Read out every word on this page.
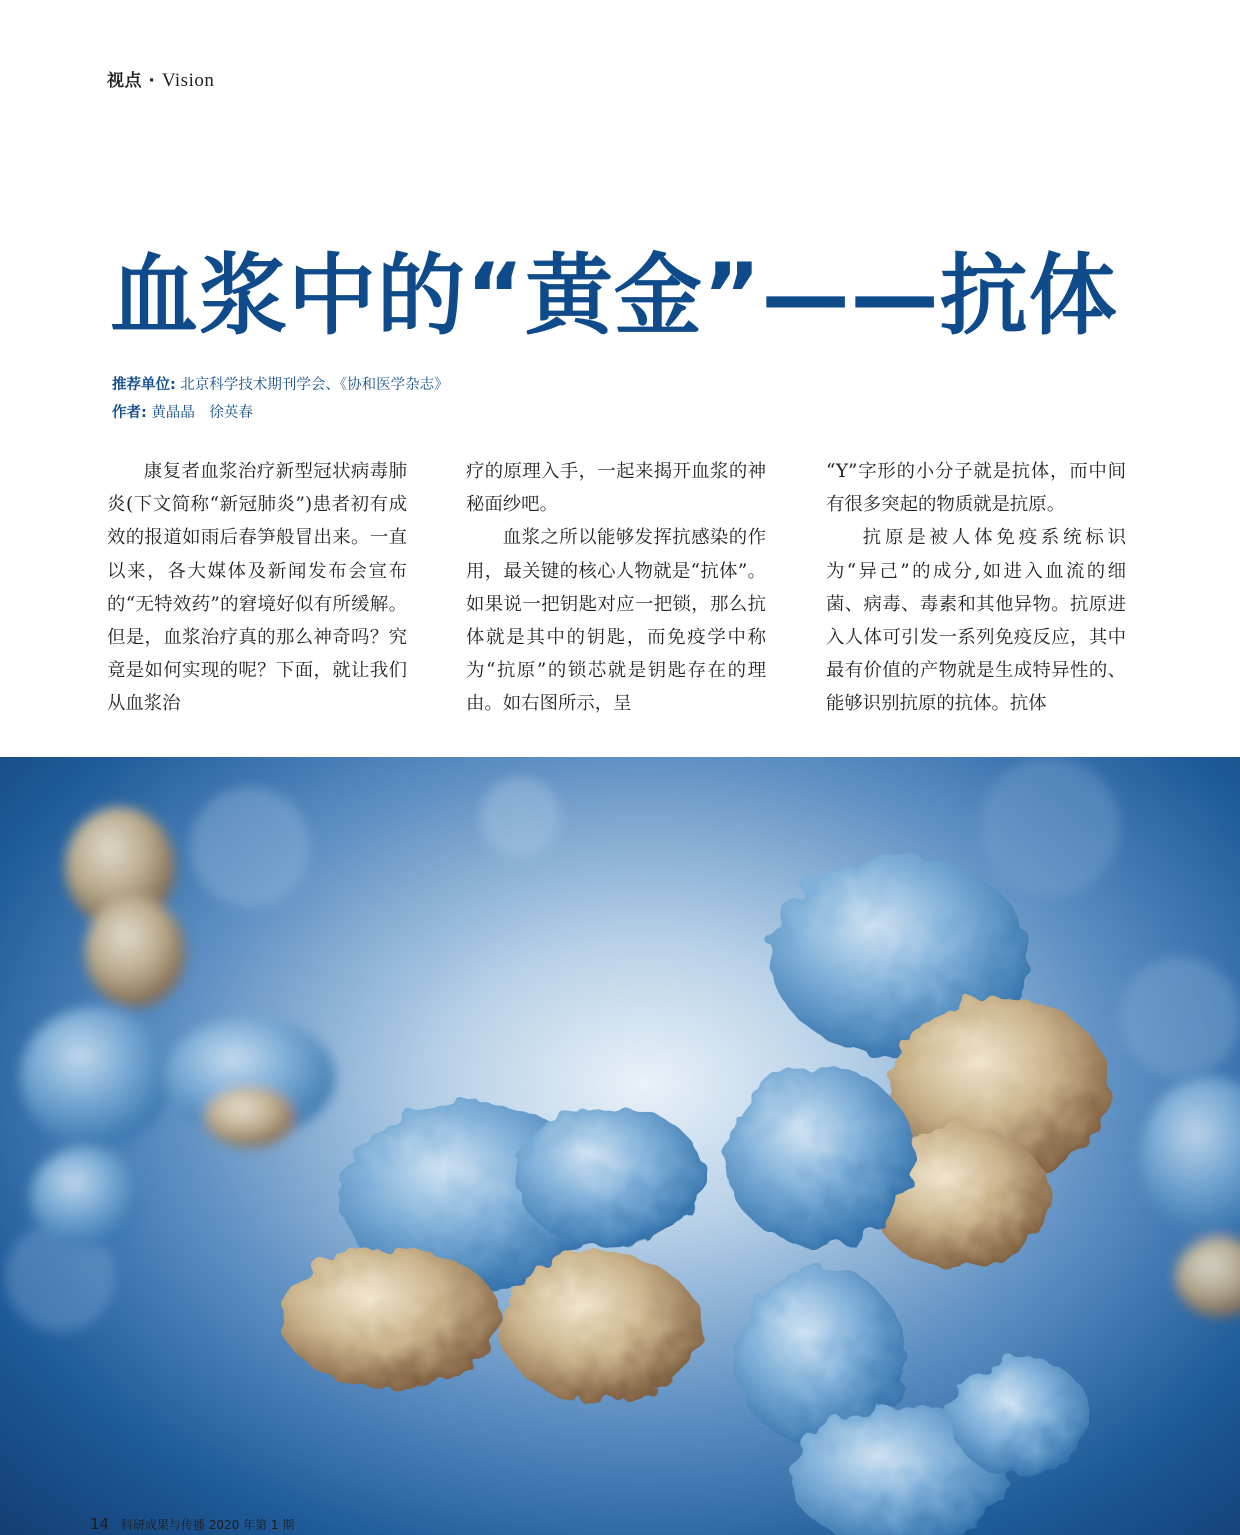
视点 · Vision
血浆中的“黄金”——抗体
推荐单位: 北京科学技术期刊学会、《协和医学杂志》
作者: 黄晶晶　徐英春

康复者血浆治疗新型冠状病毒肺炎(下文简称“新冠肺炎”)患者初有成效的报道如雨后春笋般冒出来。一直以来，各大媒体及新闻发布会宣布的“无特效药”的窘境好似有所缓解。但是，血浆治疗真的那么神奇吗？究竟是如何实现的呢？下面，就让我们从血浆治

疗的原理入手，一起来揭开血浆的神秘面纱吧。

血浆之所以能够发挥抗感染的作用，最关键的核心人物就是“抗体”。如果说一把钥匙对应一把锁，那么抗体就是其中的钥匙，而免疫学中称为“抗原”的锁芯就是钥匙存在的理由。如右图所示，呈

“Y”字形的小分子就是抗体，而中间有很多突起的物质就是抗原。

抗原是被人体免疫系统标识为“异己”的成分,如进入血流的细菌、病毒、毒素和其他异物。抗原进入人体可引发一系列免疫反应，其中最有价值的产物就是生成特异性的、能够识别抗原的抗体。抗体

14 科研成果与传播 2020 年第 1 期
